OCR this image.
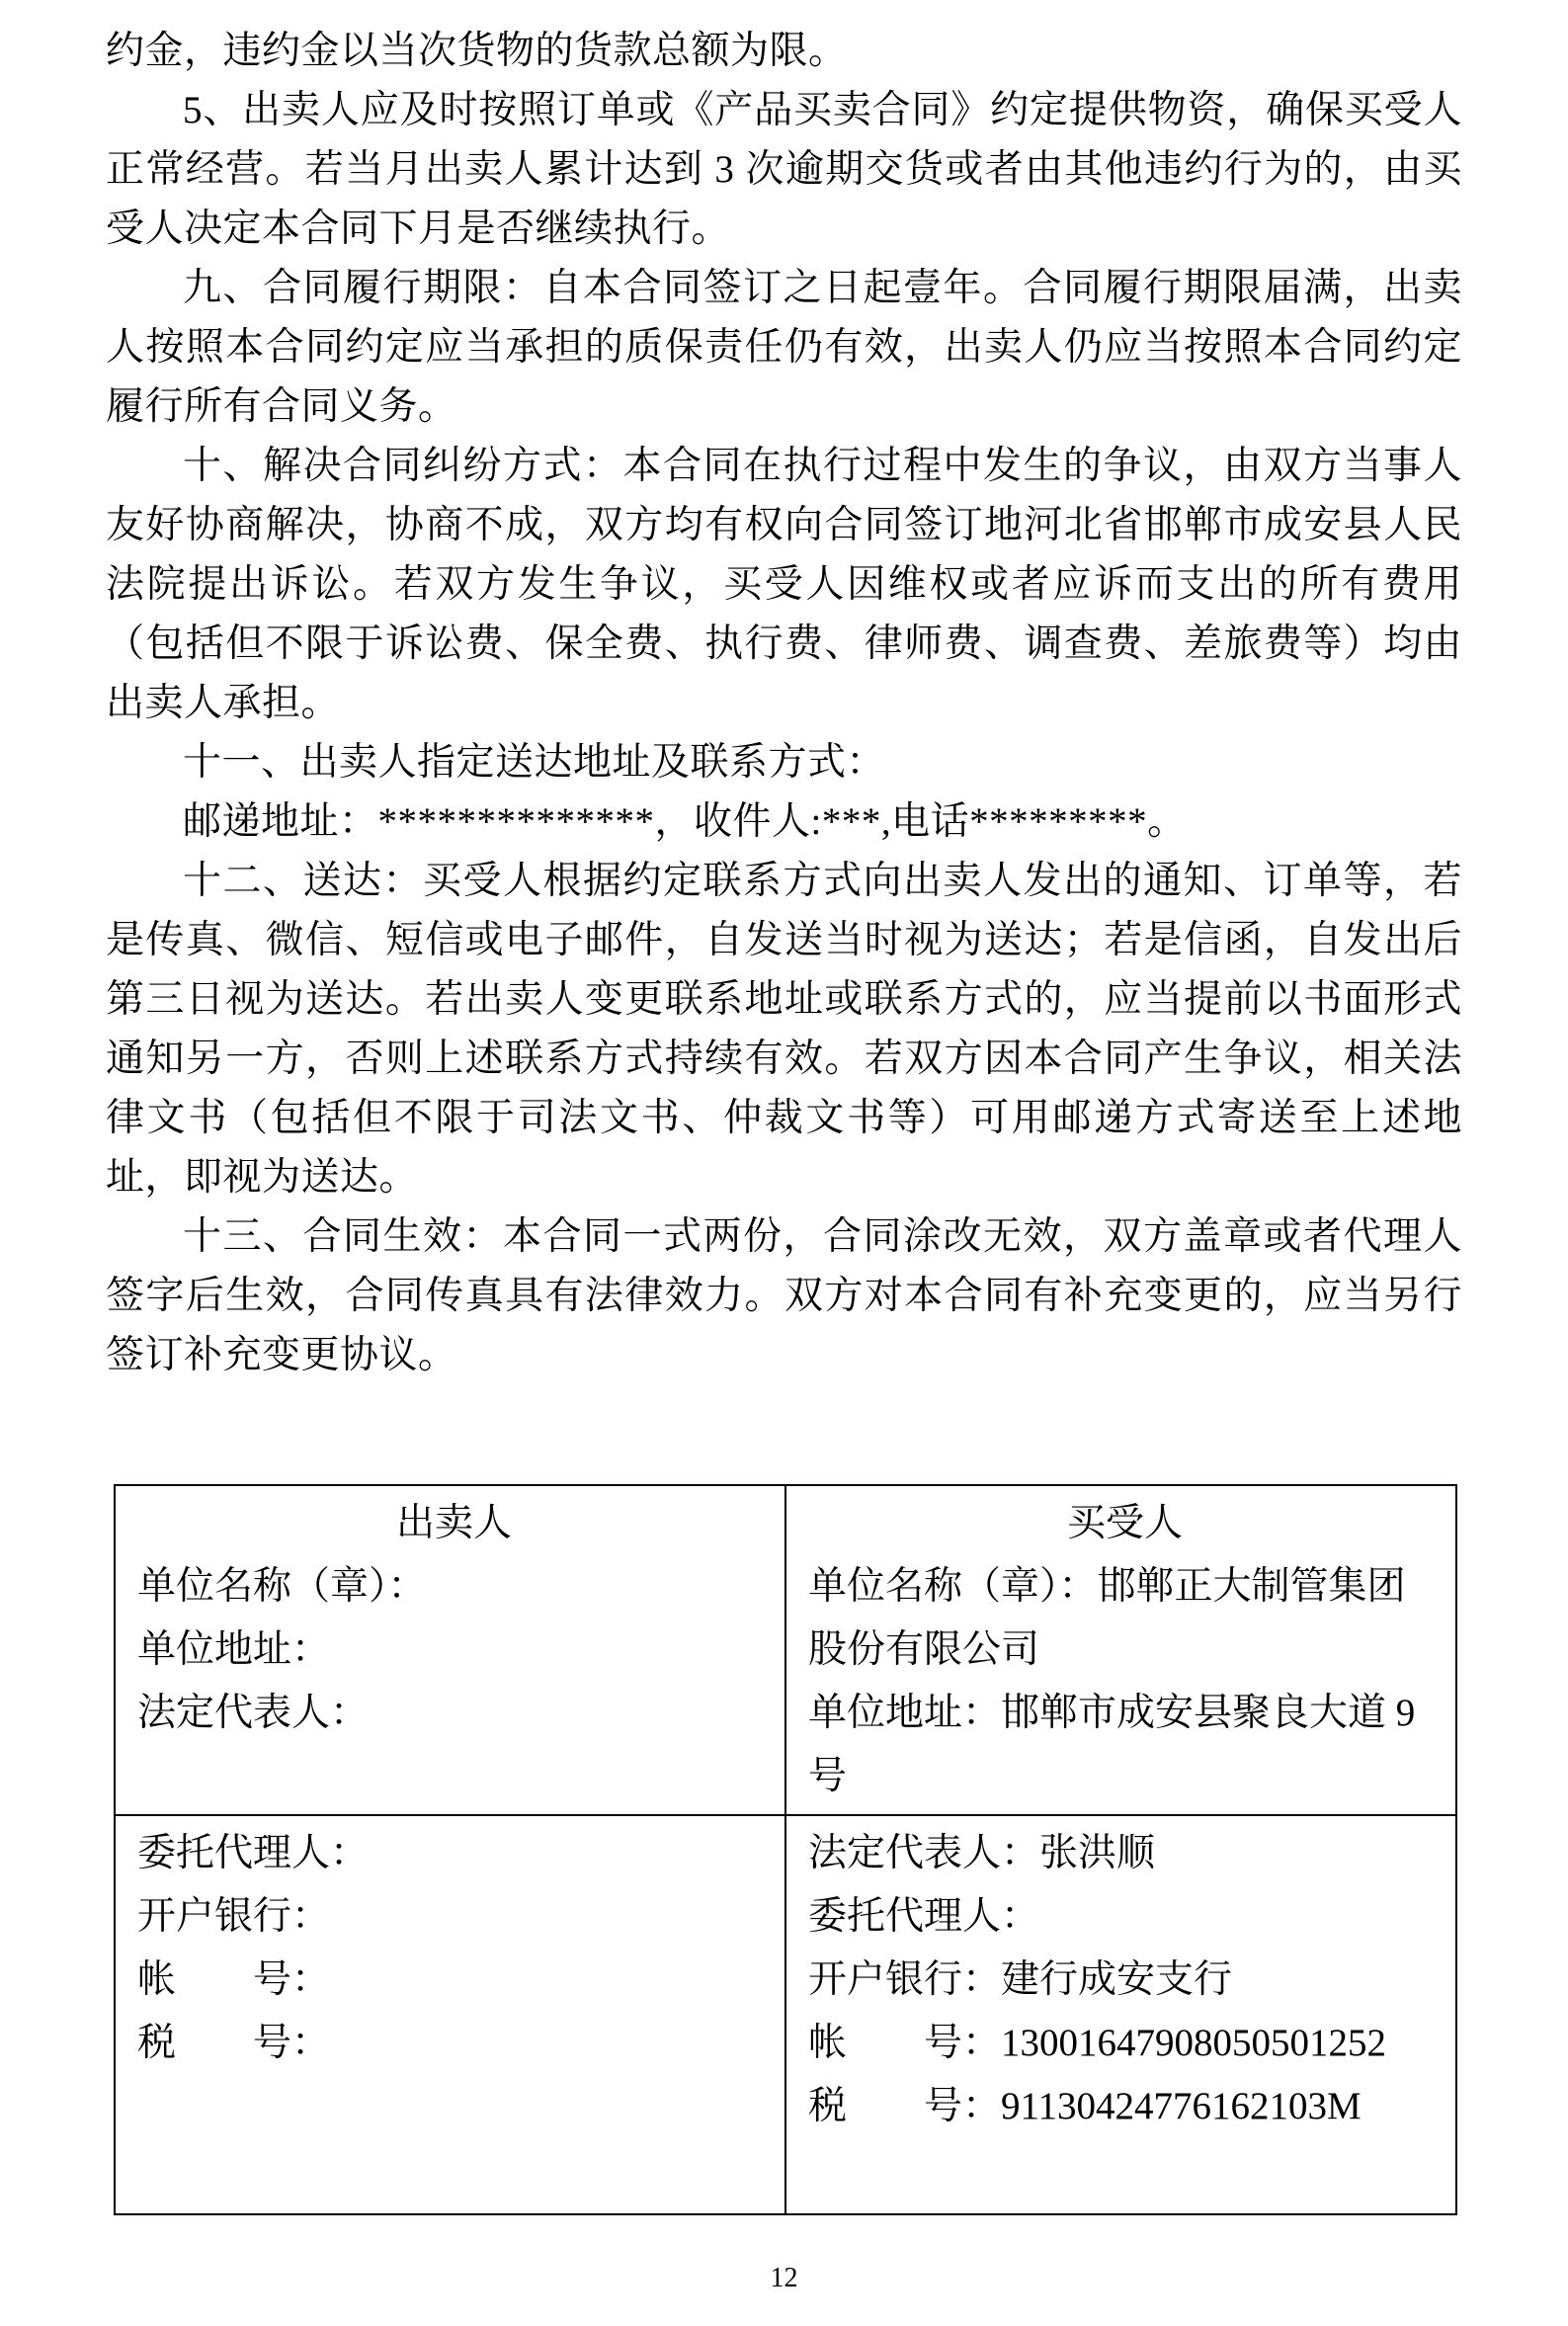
约金，违约金以当次货物的货款总额为限。

5、出卖人应及时按照订单或《产品买卖合同》约定提供物资，确保买受人正常经营。若当月出卖人累计达到 3 次逾期交货或者由其他违约行为的，由买受人决定本合同下月是否继续执行。

九、合同履行期限：自本合同签订之日起壹年。合同履行期限届满，出卖人按照本合同约定应当承担的质保责任仍有效，出卖人仍应当按照本合同约定履行所有合同义务。

十、解决合同纠纷方式：本合同在执行过程中发生的争议，由双方当事人友好协商解决，协商不成，双方均有权向合同签订地河北省邯郸市成安县人民法院提出诉讼。若双方发生争议，买受人因维权或者应诉而支出的所有费用（包括但不限于诉讼费、保全费、执行费、律师费、调查费、差旅费等）均由出卖人承担。

十一、出卖人指定送达地址及联系方式：

邮递地址：**************，收件人:***,电话*********。

十二、送达：买受人根据约定联系方式向出卖人发出的通知、订单等，若是传真、微信、短信或电子邮件，自发送当时视为送达；若是信函，自发出后第三日视为送达。若出卖人变更联系地址或联系方式的，应当提前以书面形式通知另一方，否则上述联系方式持续有效。若双方因本合同产生争议，相关法律文书（包括但不限于司法文书、仲裁文书等）可用邮递方式寄送至上述地址，即视为送达。

十三、合同生效：本合同一式两份，合同涂改无效，双方盖章或者代理人签字后生效，合同传真具有法律效力。双方对本合同有补充变更的，应当另行签订补充变更协议。

出卖人
单位名称（章）：
单位地址：
法定代表人：

买受人
单位名称（章）：邯郸正大制管集团股份有限公司
单位地址：邯郸市成安县聚良大道 9 号

委托代理人：
开户银行：
帐　　号：
税　　号：

法定代表人：张洪顺
委托代理人：
开户银行：建行成安支行
帐　　号：13001647908050501252
税　　号：91130424776162103M
12
